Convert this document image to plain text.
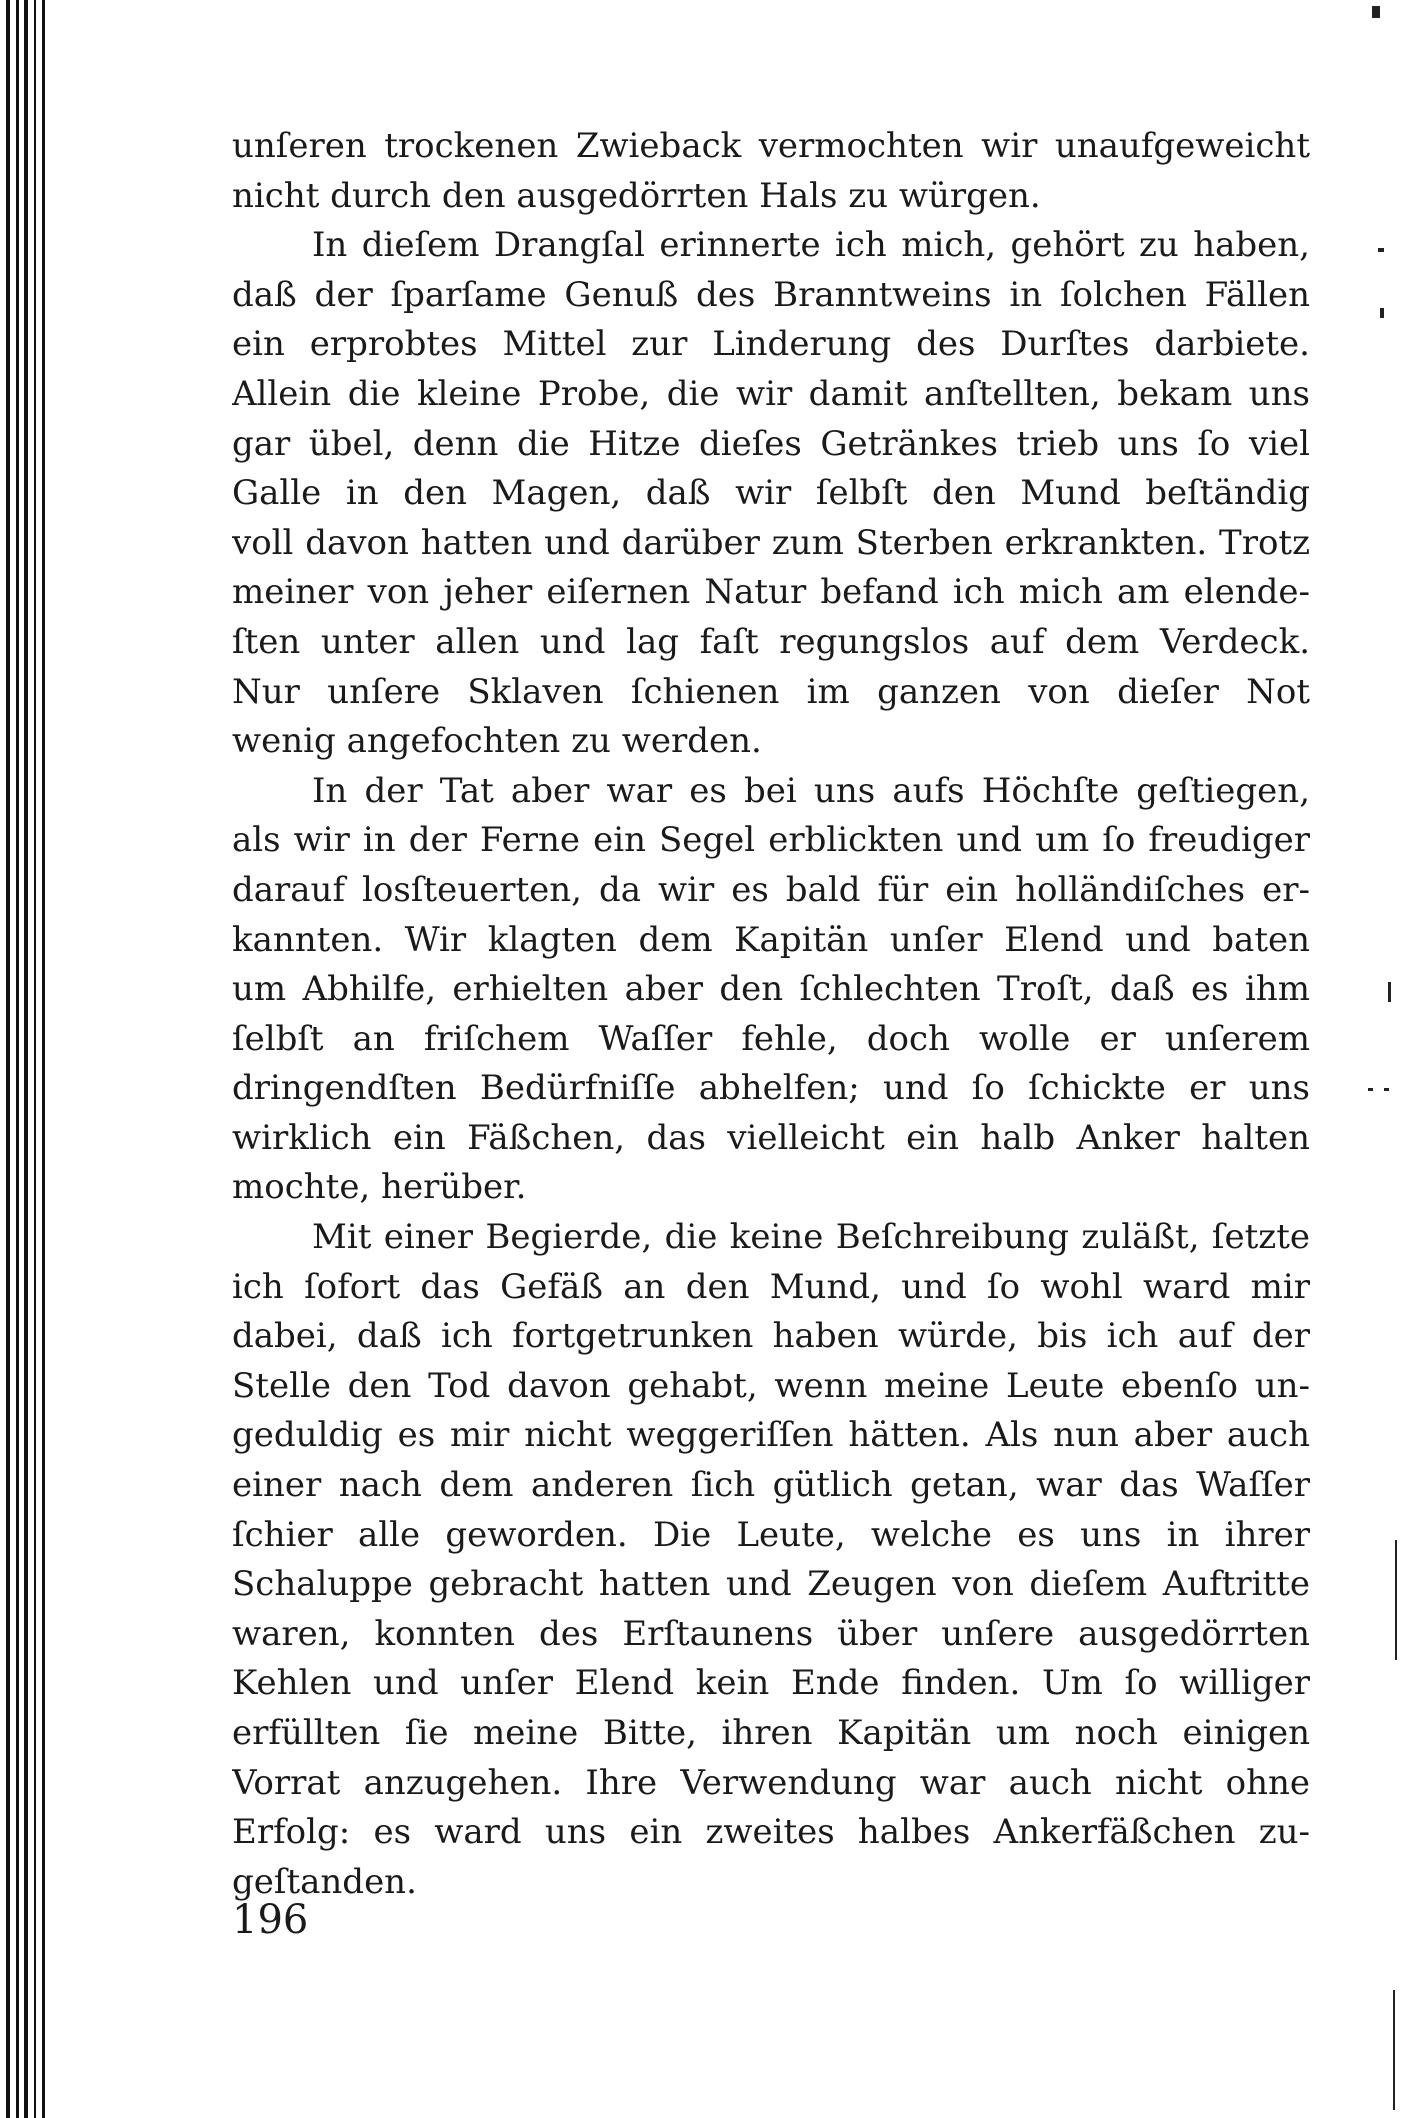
unſeren trockenen Zwieback vermochten wir unaufgeweicht
nicht durch den ausgedörrten Hals zu würgen.
In dieſem Drangſal erinnerte ich mich, gehört zu haben,
daß der ſparſame Genuß des Branntweins in ſolchen Fällen
ein erprobtes Mittel zur Linderung des Durſtes darbiete.
Allein die kleine Probe, die wir damit anſtellten, bekam uns
gar übel, denn die Hitze dieſes Getränkes trieb uns ſo viel
Galle in den Magen, daß wir ſelbſt den Mund beſtändig
voll davon hatten und darüber zum Sterben erkrankten. Trotz
meiner von jeher eiſernen Natur befand ich mich am elende-
ſten unter allen und lag faſt regungslos auf dem Verdeck.
Nur unſere Sklaven ſchienen im ganzen von dieſer Not
wenig angefochten zu werden.
In der Tat aber war es bei uns aufs Höchſte geſtiegen,
als wir in der Ferne ein Segel erblickten und um ſo freudiger
darauf losſteuerten, da wir es bald für ein holländiſches er-
kannten. Wir klagten dem Kapitän unſer Elend und baten
um Abhilfe, erhielten aber den ſchlechten Troſt, daß es ihm
ſelbſt an friſchem Waſſer fehle, doch wolle er unſerem
dringendſten Bedürfniſſe abhelfen; und ſo ſchickte er uns
wirklich ein Fäßchen, das vielleicht ein halb Anker halten
mochte, herüber.
Mit einer Begierde, die keine Beſchreibung zuläßt, ſetzte
ich ſofort das Gefäß an den Mund, und ſo wohl ward mir
dabei, daß ich fortgetrunken haben würde, bis ich auf der
Stelle den Tod davon gehabt, wenn meine Leute ebenſo un-
geduldig es mir nicht weggeriſſen hätten. Als nun aber auch
einer nach dem anderen ſich gütlich getan, war das Waſſer
ſchier alle geworden. Die Leute, welche es uns in ihrer
Schaluppe gebracht hatten und Zeugen von dieſem Auftritte
waren, konnten des Erſtaunens über unſere ausgedörrten
Kehlen und unſer Elend kein Ende finden. Um ſo williger
erfüllten ſie meine Bitte, ihren Kapitän um noch einigen
Vorrat anzugehen. Ihre Verwendung war auch nicht ohne
Erfolg: es ward uns ein zweites halbes Ankerfäßchen zu-
geſtanden.
196
